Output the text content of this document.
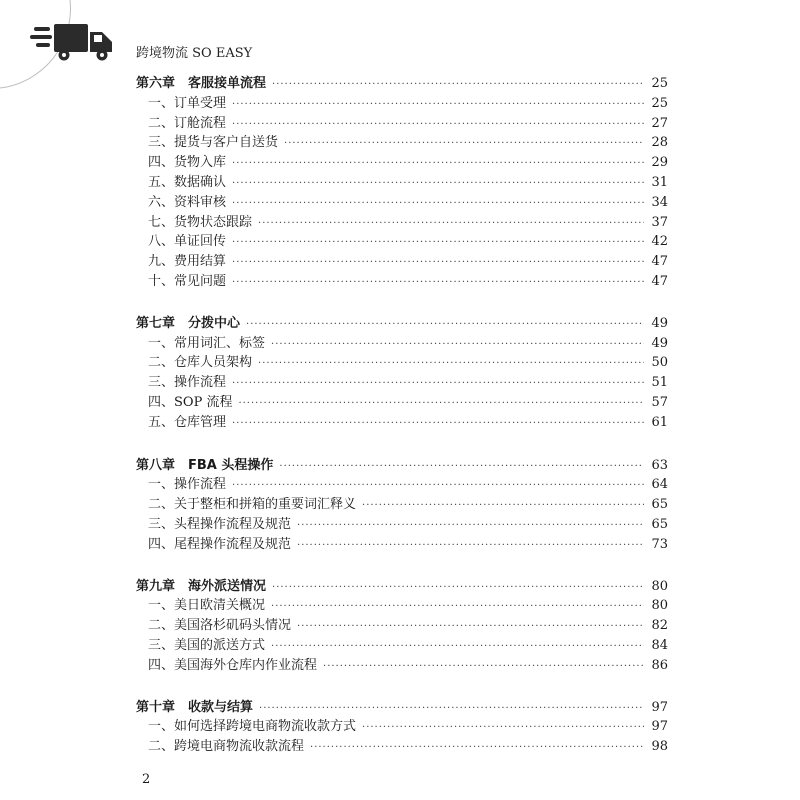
跨境物流 SO EASY
第六章　客服接单流程 ·····	25
一、订单受理 ·····	25
二、订舱流程 ·····	27
三、提货与客户自送货 ·····	28
四、货物入库 ·····	29
五、数据确认 ·····	31
六、资料审核 ·····	34
七、货物状态跟踪 ·····	37
八、单证回传 ·····	42
九、费用结算 ·····	47
十、常见问题 ·····	47
第七章　分拨中心 ·····	49
一、常用词汇、标签 ·····	49
二、仓库人员架构 ·····	50
三、操作流程 ·····	51
四、SOP 流程 ·····	57
五、仓库管理 ·····	61
第八章　FBA 头程操作 ·····	63
一、操作流程 ·····	64
二、关于整柜和拼箱的重要词汇释义 ·····	65
三、头程操作流程及规范 ·····	65
四、尾程操作流程及规范 ·····	73
第九章　海外派送情况 ·····	80
一、美日欧清关概况 ·····	80
二、美国洛杉矶码头情况 ·····	82
三、美国的派送方式 ·····	84
四、美国海外仓库内作业流程 ·····	86
第十章　收款与结算 ·····	97
一、如何选择跨境电商物流收款方式 ·····	97
二、跨境电商物流收款流程 ·····	98
2
